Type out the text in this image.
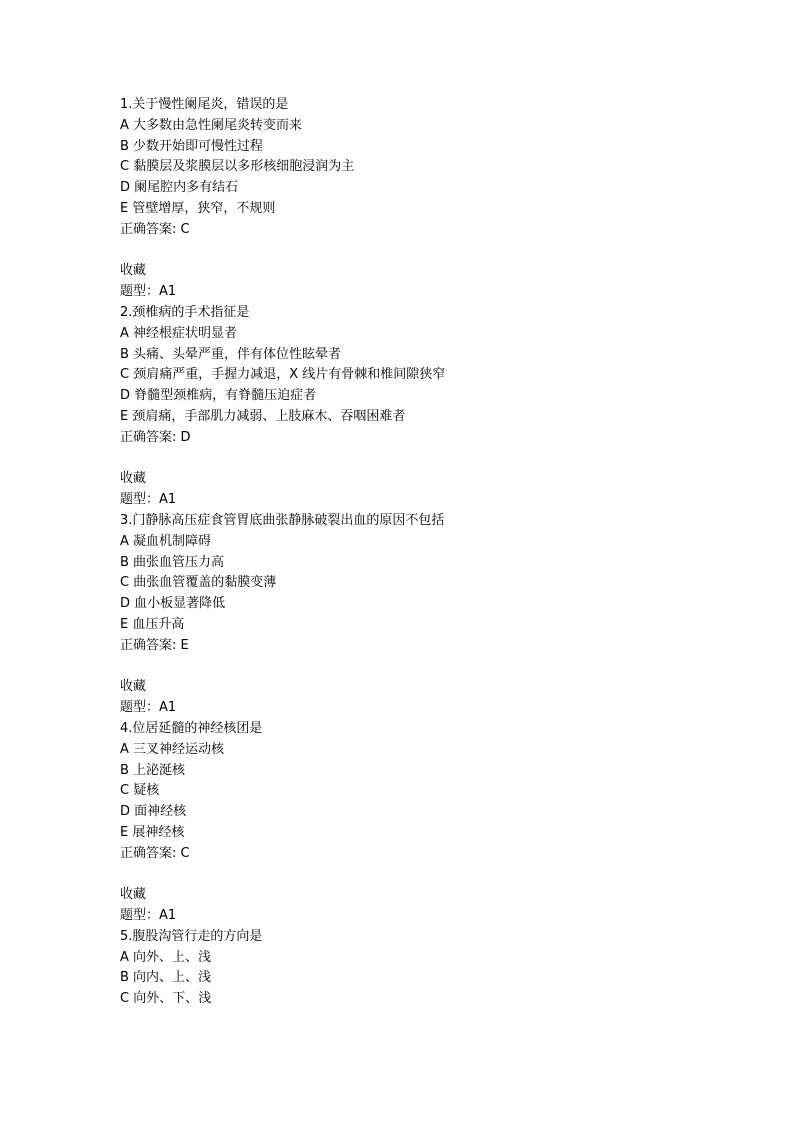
1.关于慢性阑尾炎，错误的是
A 大多数由急性阑尾炎转变而来
B 少数开始即可慢性过程
C 黏膜层及浆膜层以多形核细胞浸润为主
D 阑尾腔内多有结石
E 管壁增厚，狭窄，不规则
正确答案: C
收藏
题型：A1
2.颈椎病的手术指征是
A 神经根症状明显者
B 头痛、头晕严重，伴有体位性眩晕者
C 颈肩痛严重，手握力减退，X 线片有骨棘和椎间隙狭窄
D 脊髓型颈椎病，有脊髓压迫症者
E 颈肩痛，手部肌力减弱、上肢麻木、吞咽困难者
正确答案: D
收藏
题型：A1
3.门静脉高压症食管胃底曲张静脉破裂出血的原因不包括
A 凝血机制障碍
B 曲张血管压力高
C 曲张血管覆盖的黏膜变薄
D 血小板显著降低
E 血压升高
正确答案: E
收藏
题型：A1
4.位居延髓的神经核团是
A 三叉神经运动核
B 上泌涎核
C 疑核
D 面神经核
E 展神经核
正确答案: C
收藏
题型：A1
5.腹股沟管行走的方向是
A 向外、上、浅
B 向内、上、浅
C 向外、下、浅
